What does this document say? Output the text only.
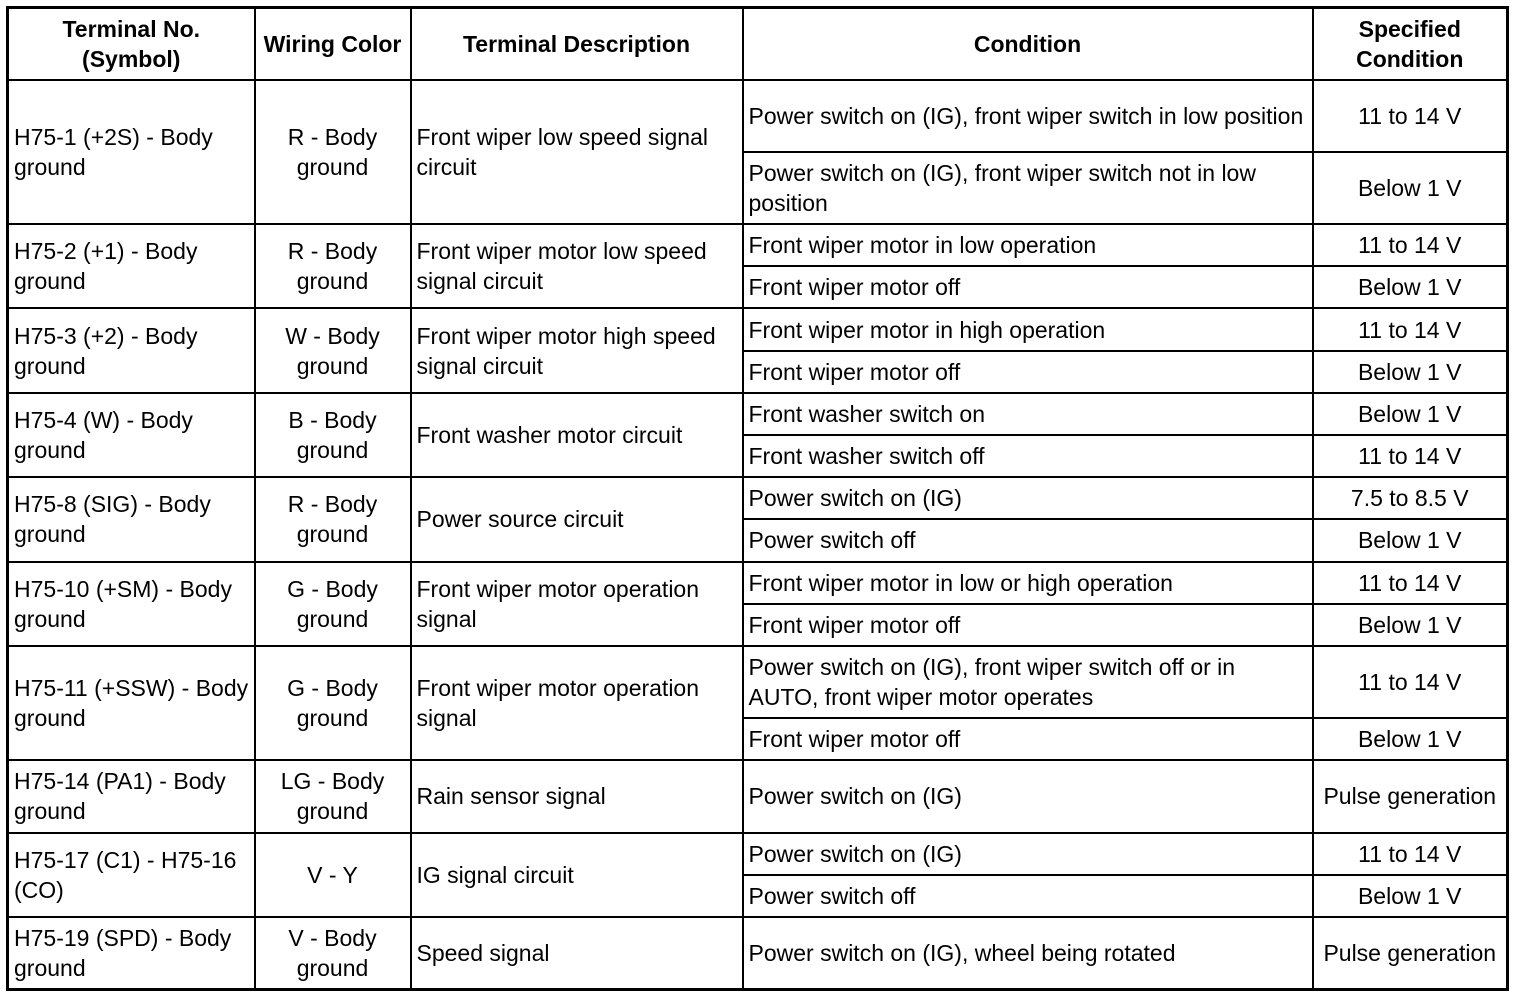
Terminal No. (Symbol)	Wiring Color	Terminal Description	Condition	Specified Condition
H75-1 (+2S) - Body ground	R - Body ground	Front wiper low speed signal circuit	Power switch on (IG), front wiper switch in low position	11 to 14 V
			Power switch on (IG), front wiper switch not in low position	Below 1 V
H75-2 (+1) - Body ground	R - Body ground	Front wiper motor low speed signal circuit	Front wiper motor in low operation	11 to 14 V
			Front wiper motor off	Below 1 V
H75-3 (+2) - Body ground	W - Body ground	Front wiper motor high speed signal circuit	Front wiper motor in high operation	11 to 14 V
			Front wiper motor off	Below 1 V
H75-4 (W) - Body ground	B - Body ground	Front washer motor circuit	Front washer switch on	Below 1 V
			Front washer switch off	11 to 14 V
H75-8 (SIG) - Body ground	R - Body ground	Power source circuit	Power switch on (IG)	7.5 to 8.5 V
			Power switch off	Below 1 V
H75-10 (+SM) - Body ground	G - Body ground	Front wiper motor operation signal	Front wiper motor in low or high operation	11 to 14 V
			Front wiper motor off	Below 1 V
H75-11 (+SSW) - Body ground	G - Body ground	Front wiper motor operation signal	Power switch on (IG), front wiper switch off or in AUTO, front wiper motor operates	11 to 14 V
			Front wiper motor off	Below 1 V
H75-14 (PA1) - Body ground	LG - Body ground	Rain sensor signal	Power switch on (IG)	Pulse generation
H75-17 (C1) - H75-16 (CO)	V - Y	IG signal circuit	Power switch on (IG)	11 to 14 V
			Power switch off	Below 1 V
H75-19 (SPD) - Body ground	V - Body ground	Speed signal	Power switch on (IG), wheel being rotated	Pulse generation
